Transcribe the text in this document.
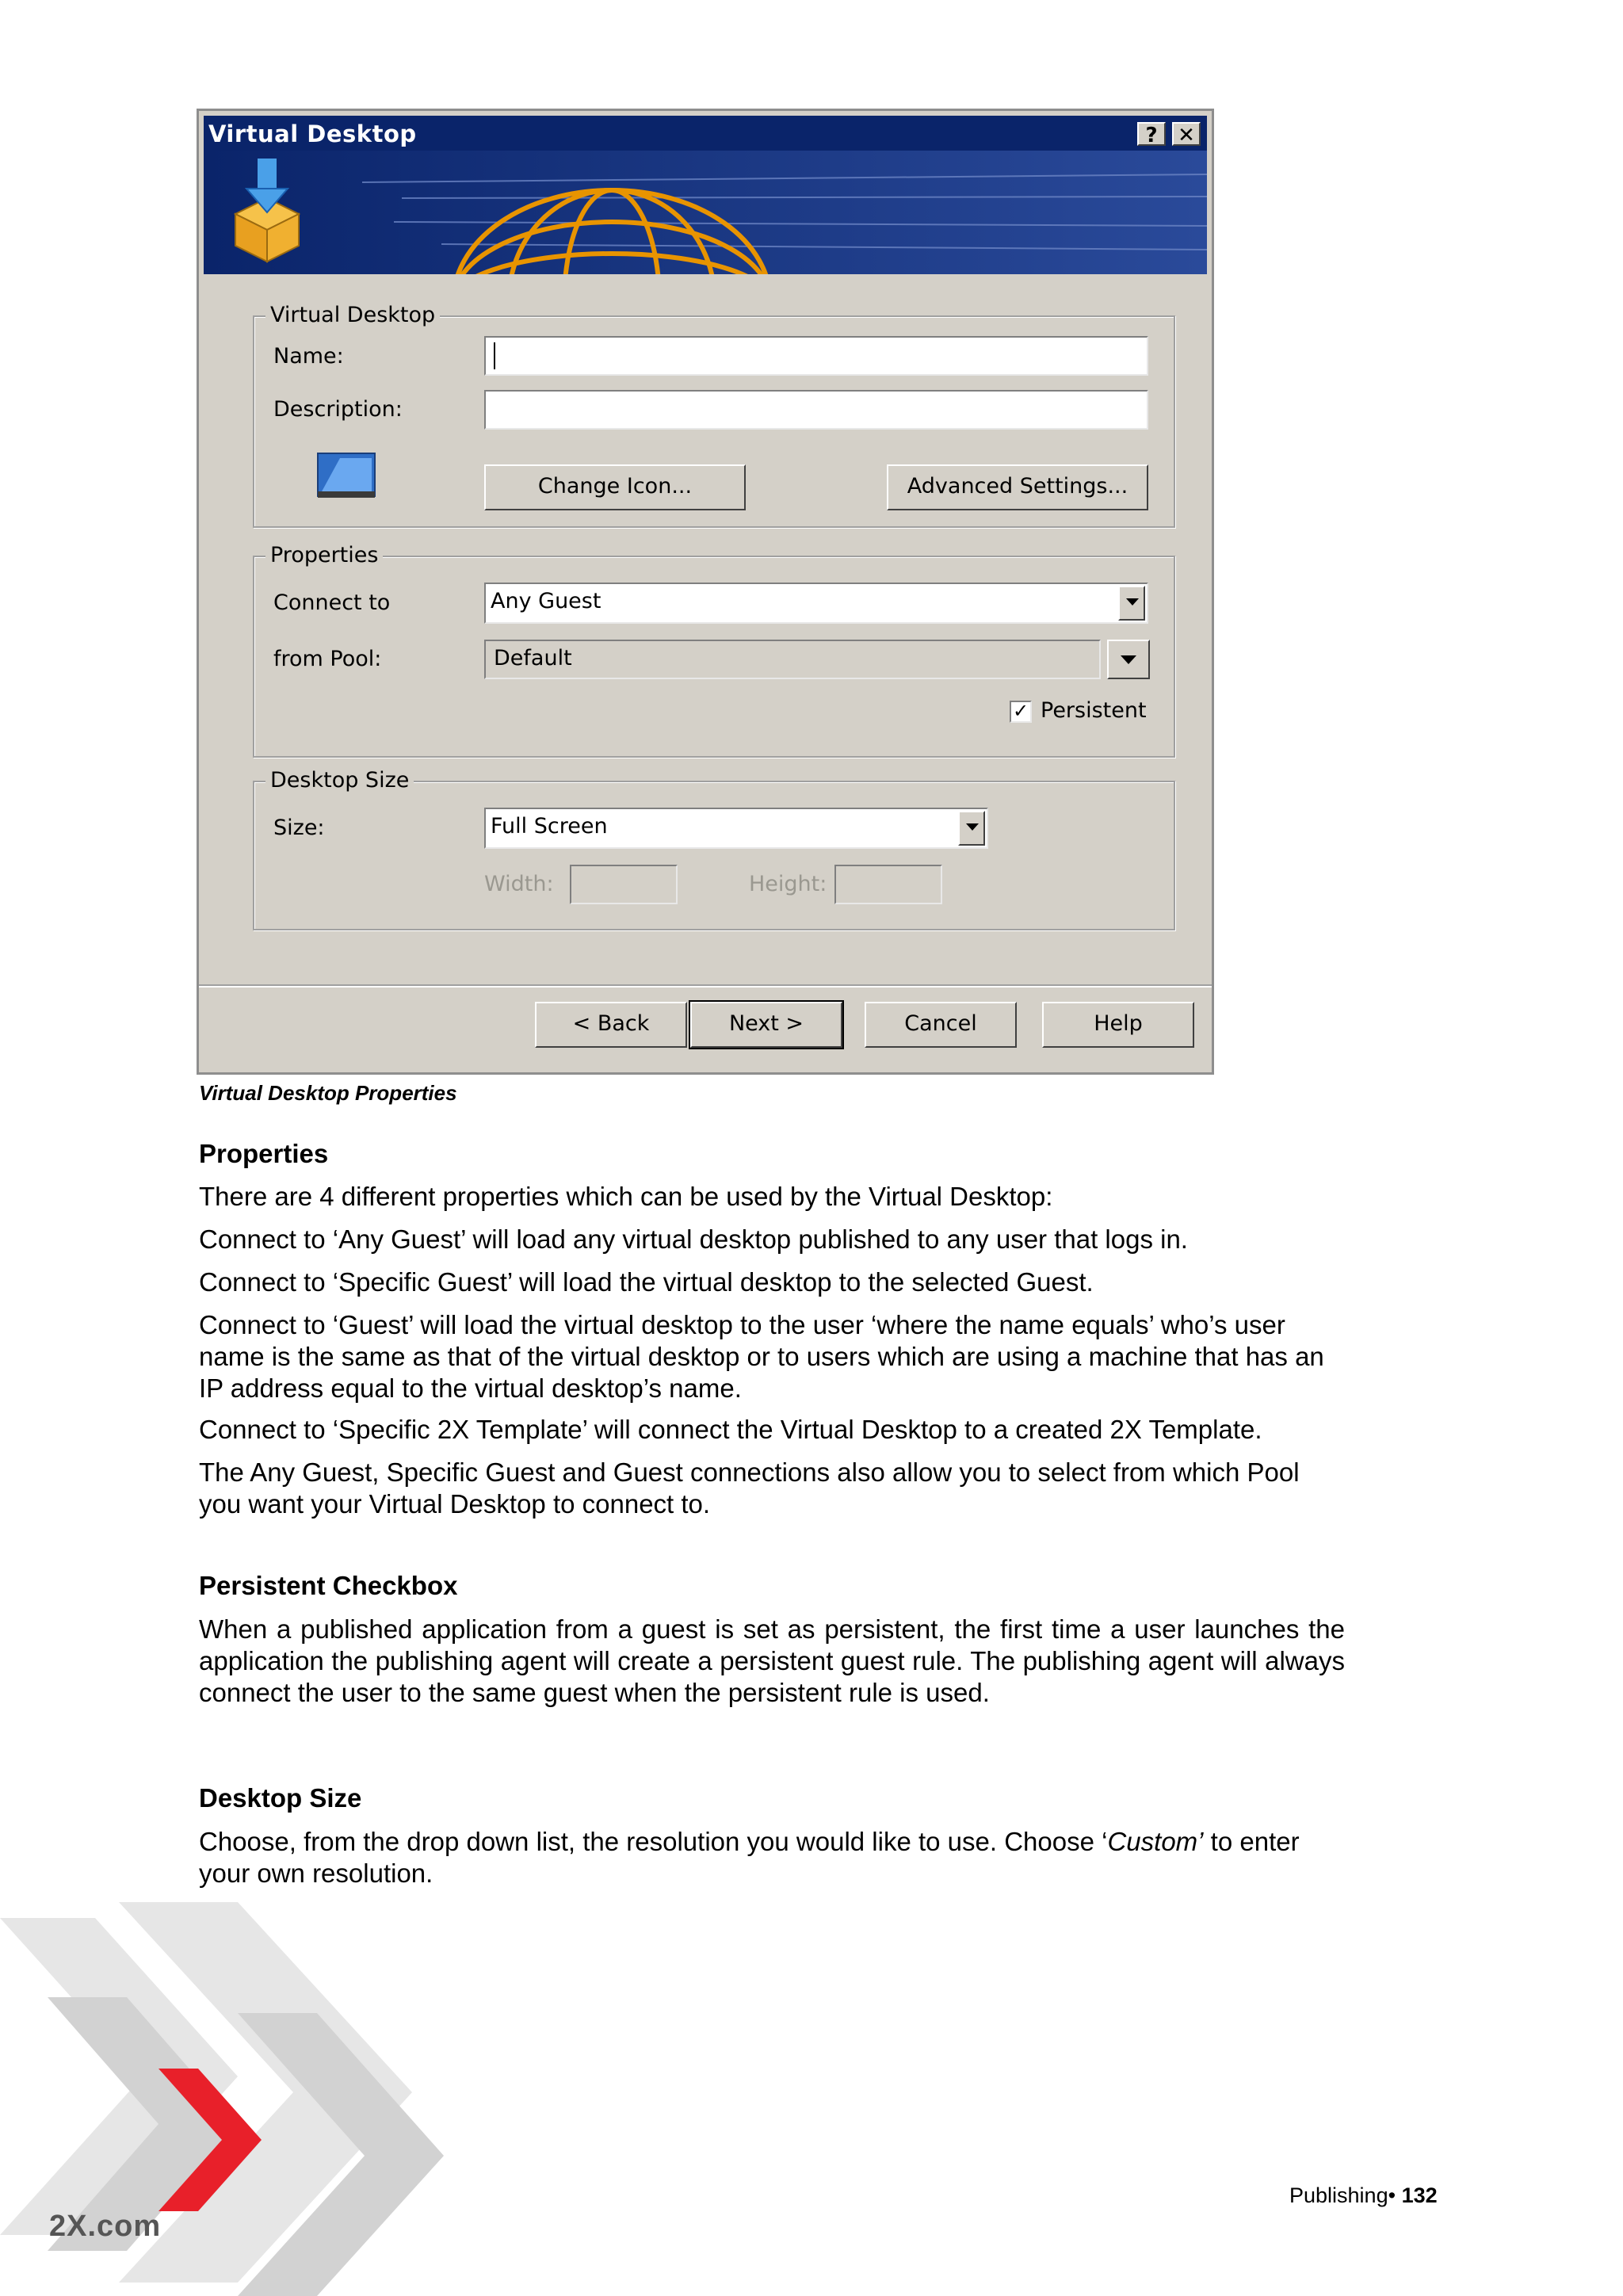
Virtual Desktop	? ✕
Virtual Desktop
Name:
Description:
Change Icon...	Advanced Settings...
Properties
Connect to	Any Guest
from Pool:	Default
✓ Persistent
Desktop Size
Size:	Full Screen
Width:	Height:
< Back	Next >	Cancel	Help
Virtual Desktop Properties
Properties
There are 4 different properties which can be used by the Virtual Desktop:
Connect to ‘Any Guest’ will load any virtual desktop published to any user that logs in.
Connect to ‘Specific Guest’ will load the virtual desktop to the selected Guest.
Connect to ‘Guest’ will load the virtual desktop to the user ‘where the name equals’ who’s user name is the same as that of the virtual desktop or to users which are using a machine that has an IP address equal to the virtual desktop’s name.
Connect to ‘Specific 2X Template’ will connect the Virtual Desktop to a created 2X Template.
The Any Guest, Specific Guest and Guest connections also allow you to select from which Pool you want your Virtual Desktop to connect to.
Persistent Checkbox
When a published application from a guest is set as persistent, the first time a user launches the application the publishing agent will create a persistent guest rule. The publishing agent will always connect the user to the same guest when the persistent rule is used.
Desktop Size
Choose, from the drop down list, the resolution you would like to use. Choose ‘Custom’ to enter your own resolution.
2X.com
Publishing• 132
